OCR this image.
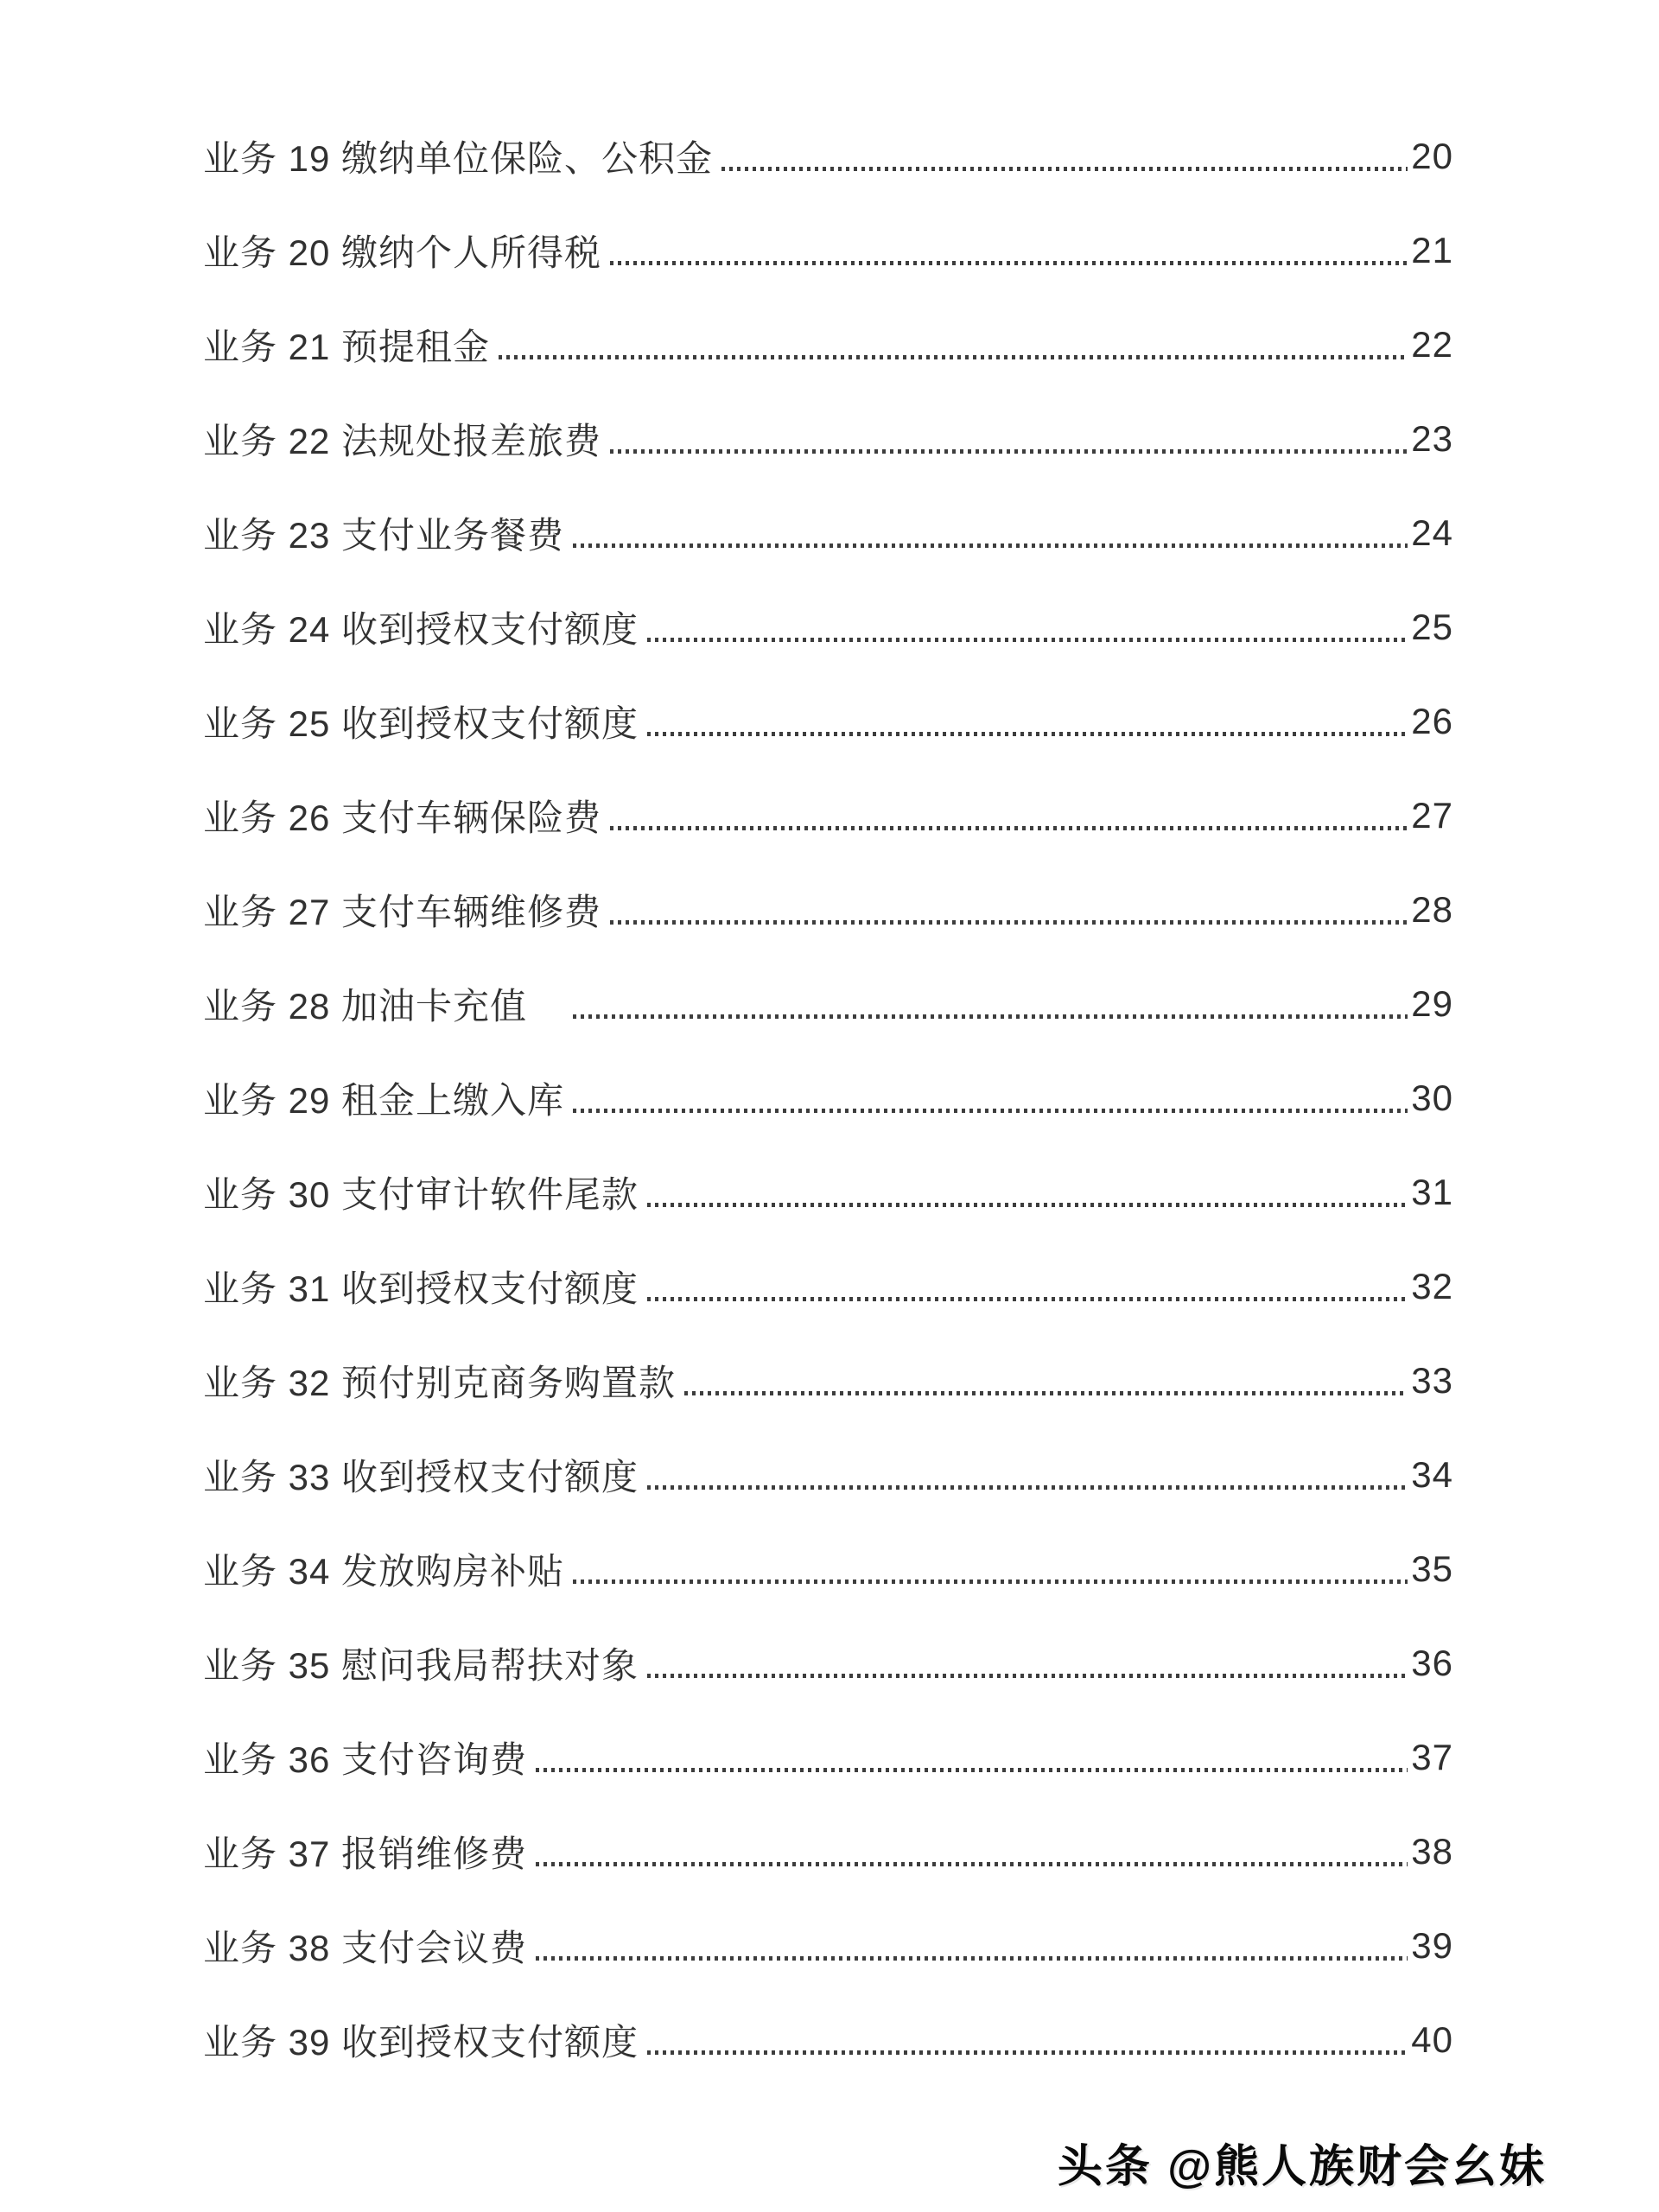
业务 19 缴纳单位保险、公积金	20
业务 20 缴纳个人所得税	21
业务 21 预提租金	22
业务 22 法规处报差旅费	23
业务 23 支付业务餐费	24
业务 24 收到授权支付额度	25
业务 25 收到授权支付额度	26
业务 26 支付车辆保险费	27
业务 27 支付车辆维修费	28
业务 28 加油卡充值　	29
业务 29 租金上缴入库	30
业务 30 支付审计软件尾款	31
业务 31 收到授权支付额度	32
业务 32 预付别克商务购置款	33
业务 33 收到授权支付额度	34
业务 34 发放购房补贴	35
业务 35 慰问我局帮扶对象	36
业务 36 支付咨询费	37
业务 37 报销维修费	38
业务 38 支付会议费	39
业务 39 收到授权支付额度	40
头条 @熊人族财会幺妹
